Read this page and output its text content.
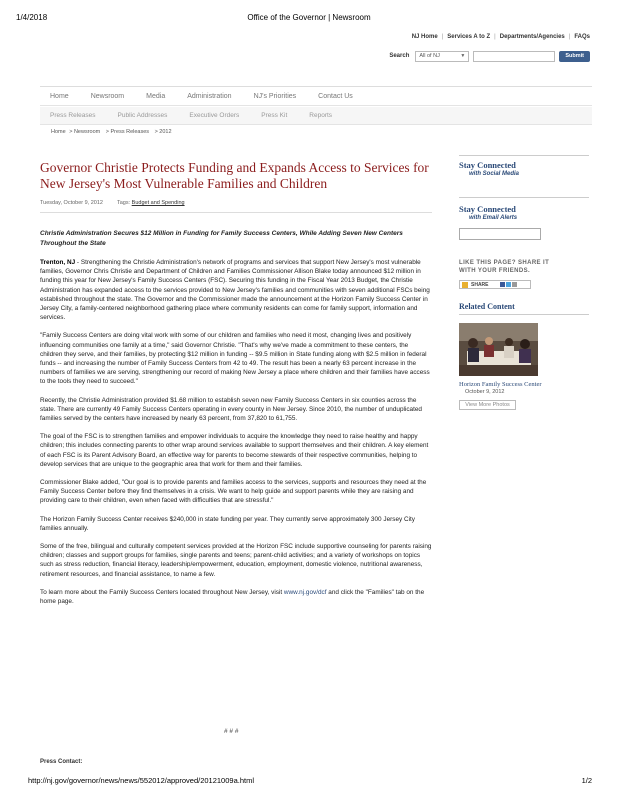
1/4/2018	Office of the Governor | Newsroom
NJ Home | Services A to Z | Departments/Agencies | FAQs
Search	All of NJ	▼	Submit
Home	Newsroom	Media	Administration	NJ's Priorities	Contact Us
Press Releases	Public Addresses	Executive Orders	Press Kit	Reports
Home > Newsroom > Press Releases > 2012
Governor Christie Protects Funding and Expands Access to Services for New Jersey's Most Vulnerable Families and Children
Tuesday, October 9, 2012	Tags: Budget and Spending

Christie Administration Secures $12 Million in Funding for Family Success Centers, While Adding Seven New Centers Throughout the State

Trenton, NJ - Strengthening the Christie Administration's network of programs and services that support New Jersey's most vulnerable families, Governor Chris Christie and Department of Children and Families Commissioner Allison Blake today announced $12 million in funding this year for New Jersey's Family Success Centers (FSC). Securing this funding in the Fiscal Year 2013 Budget, the Christie Administration has expanded access to the services provided to New Jersey's families and communities with seven additional FSCs being established throughout the state. The Governor and the Commissioner made the announcement at the Horizon Family Success Center in Jersey City, a family-centered neighborhood gathering place where community residents can come for family support, information and services.

"Family Success Centers are doing vital work with some of our children and families who need it most, changing lives and positively influencing communities one family at a time," said Governor Christie. "That's why we've made a commitment to these centers, the children they serve, and their families, by protecting $12 million in funding -- $9.5 million in State funding along with $2.5 million in federal funds -- and increasing the number of Family Success Centers from 42 to 49. The result has been a nearly 63 percent increase in the numbers of families we are serving, strengthening our record of making New Jersey a place where children and their families have access to the tools they need to succeed."

Recently, the Christie Administration provided $1.68 million to establish seven new Family Success Centers in six counties across the state. There are currently 49 Family Success Centers operating in every county in New Jersey. Since 2010, the number of unduplicated families served by the centers have increased by nearly 63 percent, from 37,820 to 61,755.

The goal of the FSC is to strengthen families and empower individuals to acquire the knowledge they need to raise healthy and happy children; this includes connecting parents to other wrap around services available to support themselves and their children. A key element of each FSC is its Parent Advisory Board, an effective way for parents to become stewards of their respective communities, helping to develop services that are unique to the geographic area that work for them and their families.

Commissioner Blake added, "Our goal is to provide parents and families access to the services, supports and resources they need at the Family Success Center before they find themselves in a crisis. We want to help guide and support parents while they are raising and providing care to their children, even when faced with difficulties that are stressful."

The Horizon Family Success Center receives $240,000 in state funding per year. They currently serve approximately 300 Jersey City families annually.

Some of the free, bilingual and culturally competent services provided at the Horizon FSC include supportive counseling for parents raising children; classes and support groups for families, single parents and teens; parent-child activities; and a variety of workshops on topics such as stress reduction, financial literacy, leadership/empowerment, education, employment, domestic violence, nutritional awareness, retirement resources, and financial assistance, to name a few.

To learn more about the Family Success Centers located throughout New Jersey, visit www.nj.gov/dcf and click the "Families" tab on the home page.

# # #
Press Contact:
Stay Connected
with Social Media
Stay Connected
with Email Alerts
LIKE THIS PAGE? SHARE IT
WITH YOUR FRIENDS.
SHARE
Related Content
Horizon Family Success Center
October 9, 2012
View More Photos
http://nj.gov/governor/news/news/552012/approved/20121009a.html	1/2
